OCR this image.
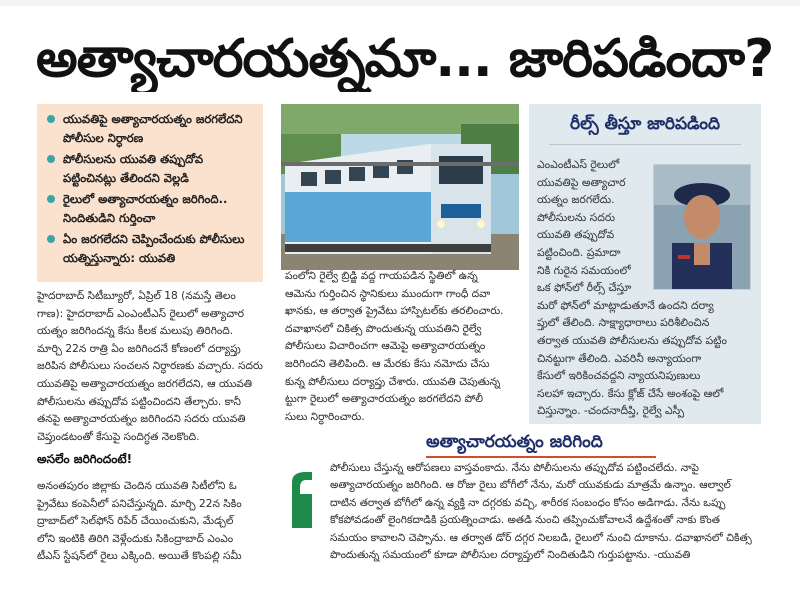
అత్యాచారయత్నమా... జారిపడిందా?
యువతిపై అత్యాచారయత్నం జరగలేదని పోలీసుల నిర్ధారణ
పోలీసులను యువతి తప్పుదోవ పట్టించినట్లు తేలిందని వెల్లడి
రైలులో అత్యాచారయత్నం జరిగింది.. నిందితుడిని గుర్తించా
ఏం జరగలేదని చెప్పించేందుకు పోలీసులు యత్నిస్తున్నారు: యువతి
రీల్స్ తీస్తూ జారిపడింది
ఎంఎంటీఎస్ రైలులో
యువతిపై అత్యాచార
యత్నం జరగలేదు.
పోలీసులను సదరు
యువతి తప్పుదోవ
పట్టించింది. ప్రమాదా
నికి గురైన సమయంలో
ఒక ఫోన్‌లో రీల్స్ చేస్తూ
మరో ఫోన్‌లో మాట్లాడుతూనే ఉందని దర్యా
ప్తులో తేలింది. సాక్ష్యాధారాలు పరిశీలించిన
తర్వాత యువతి పోలీసులను తప్పుదోవ పట్టిం
చినట్టుగా తేలింది. ఎవరినీ అన్యాయంగా
కేసులో ఇరికించవద్దని న్యాయనిపుణులు
సలహా ఇచ్చారు. కేసు క్లోజ్ చేసే అంశంపై ఆలో
చిస్తున్నాం. -చందనాదీప్తి, రైల్వే ఎస్పీ
హైదరాబాద్ సిటీబ్యూరో, ఏప్రిల్ 18 (నమస్తే తెలం
గాణ): హైదరాబాద్ ఎంఎంటీఎస్ రైలులో అత్యాచార
యత్నం జరిగిందన్న కేసు కీలక మలుపు తిరిగింది.
మార్చి 22న రాత్రి ఏం జరిగిందనే కోణంలో దర్యాప్తు
జరిపిన పోలీసులు సంచలన నిర్ధారణకు వచ్చారు. సదరు
యువతిపై అత్యాచారయత్నం జరగలేదని, ఆ యువతి
పోలీసులను తప్పుదోవ పట్టించిందని తేల్చారు. కానీ
తనపై అత్యాచారయత్నం జరిగిందని సదరు యువతి
చెప్తుండటంతో కేసుపై సందిగ్ధత నెలకొంది.
అసలేం జరిగిందంటే!
అనంతపురం జిల్లాకు చెందిన యువతి సిటీలోని ఓ
ప్రైవేటు కంపెనీలో పనిచేస్తున్నది. మార్చి 22న సికిం
ద్రాబాద్‌లో సెల్‌ఫోన్ రిపేర్ చేయించుకుని, మేడ్చల్
లోని ఇంటికి తిరిగి వెళ్లేందుకు సికింద్రాబాద్ ఎంఎం
టీఎస్ స్టేషన్‌లో రైలు ఎక్కింది. అయితే కొంపల్లి సమీ
పంలోని రైల్వే బ్రిడ్జి వద్ద గాయపడిన స్థితిలో ఉన్న
ఆమెను గుర్తించిన స్థానికులు ముందుగా గాంధీ దవా
ఖానకు, ఆ తర్వాత ప్రైవేటు హాస్పిటల్‌కు తరలించారు.
దవాఖానలో చికిత్స పొందుతున్న యువతిని రైల్వే
పోలీసులు విచారించగా ఆమెపై అత్యాచారయత్నం
జరిగిందని తెలిపింది. ఆ మేరకు కేసు నమోదు చేసు
కున్న పోలీసులు దర్యాప్తు చేశారు. యువతి చెపుతున్న
ట్టుగా రైలులో అత్యాచారయత్నం జరగలేదని పోలీ
సులు నిర్ధారించారు.
అత్యాచారయత్నం జరిగింది
పోలీసులు చేస్తున్న ఆరోపణలు వాస్తవంకాదు. నేను పోలీసులను తప్పుదోవ పట్టించలేదు. నాపై
అత్యాచారయత్నం జరిగింది. ఆ రోజు రైలు బోగీలో నేను, మరో యువకుడు మాత్రమే ఉన్నాం. ఆల్వాల్
దాటిన తర్వాత బోగీలో ఉన్న వ్యక్తి నా దగ్గరకు వచ్చి, శారీరక సంబంధం కోసం అడిగాడు. నేను ఒప్పు
కోకపోవడంతో లైంగికదాడికి ప్రయత్నించాడు. అతడి నుంచి తప్పించుకోవాలనే ఉద్దేశంతో నాకు కొంత
సమయం కావాలని చెప్పాను. ఆ తర్వాత డోర్ దగ్గర నిలబడి, రైలులో నుంచి దూకాను. దవాఖానలో చికిత్స
పొందుతున్న సమయంలో కూడా పోలీసుల దర్యాప్తులో నిందితుడిని గుర్తుపట్టాను. -యువతి
